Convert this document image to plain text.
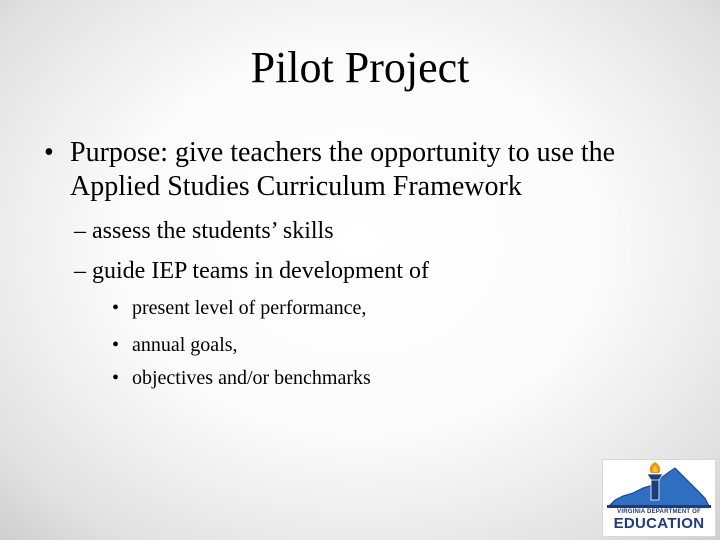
Pilot Project
• Purpose: give teachers the opportunity to use the Applied Studies Curriculum Framework
– assess the students’ skills
– guide IEP teams in development of
• present level of performance,
• annual goals,
• objectives and/or benchmarks
VIRGINIA DEPARTMENT OF
EDUCATION
